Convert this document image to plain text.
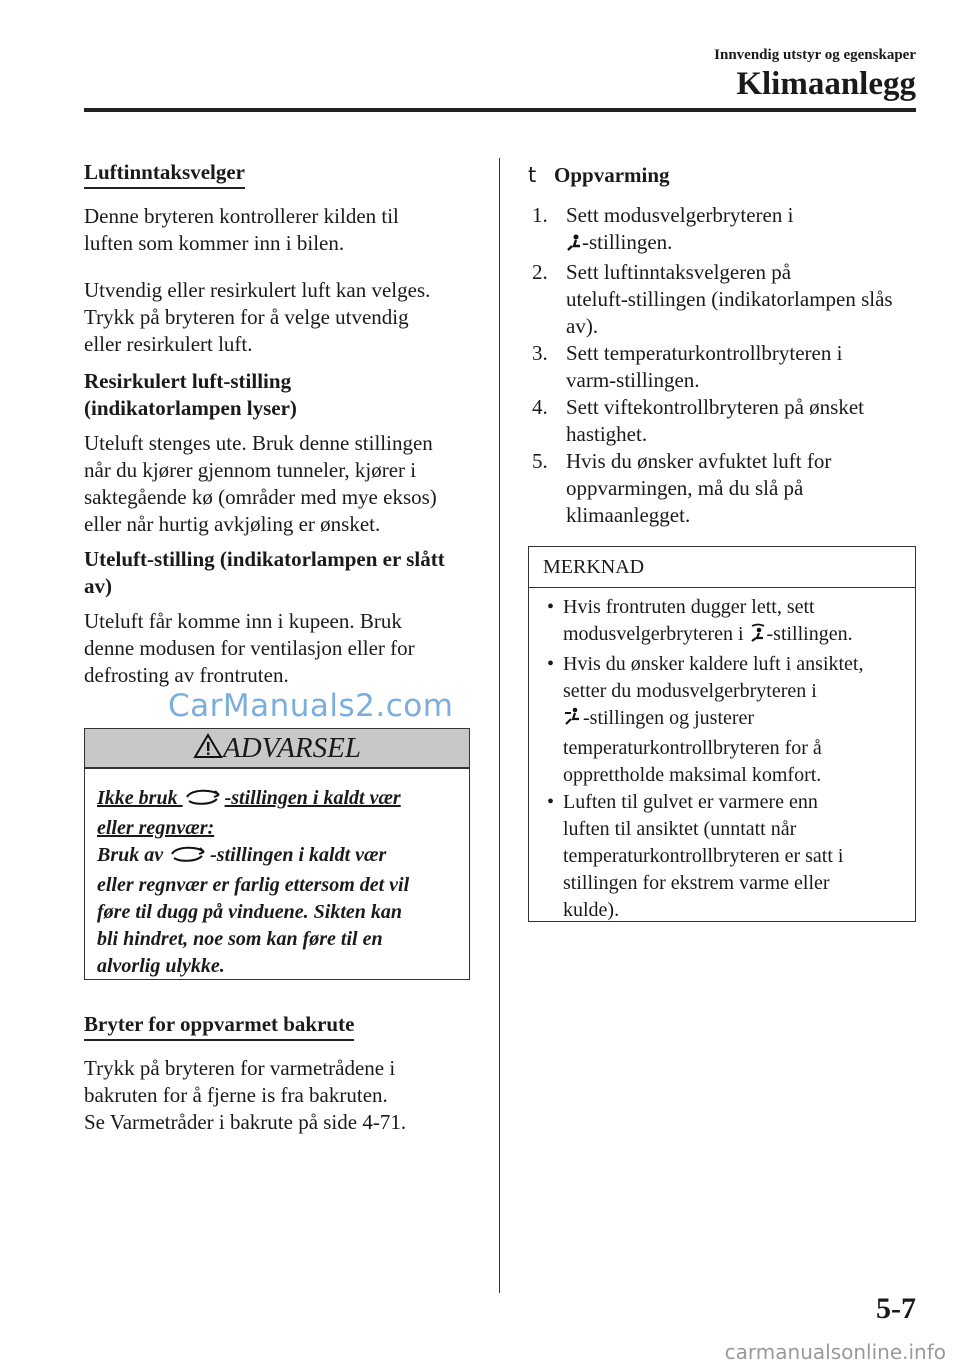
Innvendig utstyr og egenskaper
Klimaanlegg
Luftinntaksvelger

Denne bryteren kontrollerer kilden til

luften som kommer inn i bilen.

Utvendig eller resirkulert luft kan velges.

Trykk på bryteren for å velge utvendig

eller resirkulert luft.

Resirkulert luft-stilling

(indikatorlampen lyser)

Uteluft stenges ute. Bruk denne stillingen

når du kjører gjennom tunneler, kjører i

saktegående kø (områder med mye eksos)

eller når hurtig avkjøling er ønsket.

Uteluft-stilling (indikatorlampen er slått

av)

Uteluft får komme inn i kupeen. Bruk

denne modusen for ventilasjon eller for

defrosting av frontruten.

CarManuals2.com
ADVARSEL
Ikke bruk -stillingen i kaldt vær
eller regnvær:
Bruk av -stillingen i kaldt vær
eller regnvær er farlig ettersom det vil
føre til dugg på vinduene. Sikten kan
bli hindret, noe som kan føre til en
alvorlig ulykke.
Bryter for oppvarmet bakrute

Trykk på bryteren for varmetrådene i

bakruten for å fjerne is fra bakruten.

Se Varmetråder i bakrute på side 4-71.

t Oppvarming
1. Sett modusvelgerbryteren i
-stillingen.
2. Sett luftinntaksvelgeren på
uteluft-stillingen (indikatorlampen slås
av).
3. Sett temperaturkontrollbryteren i
varm-stillingen.
4. Sett viftekontrollbryteren på ønsket
hastighet.
5. Hvis du ønsker avfuktet luft for
oppvarmingen, må du slå på
klimaanlegget.
MERKNAD
• Hvis frontruten dugger lett, sett
modusvelgerbryteren i -stillingen.
• Hvis du ønsker kaldere luft i ansiktet,
setter du modusvelgerbryteren i
-stillingen og justerer
temperaturkontrollbryteren for å
opprettholde maksimal komfort.
• Luften til gulvet er varmere enn
luften til ansiktet (unntatt når
temperaturkontrollbryteren er satt i
stillingen for ekstrem varme eller
kulde).
5-7
carmanualsonline.info
